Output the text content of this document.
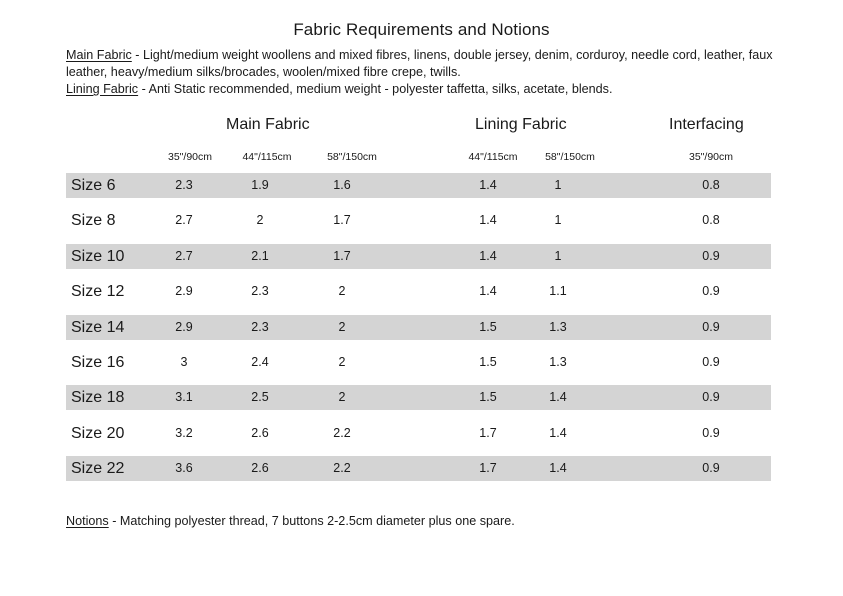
Fabric Requirements and Notions

Main Fabric - Light/medium weight woollens and mixed fibres, linens, double jersey, denim, corduroy, needle cord, leather, faux leather, heavy/medium silks/brocades, woolen/mixed fibre crepe, twills.

Lining Fabric - Anti Static recommended, medium weight - polyester taffetta, silks, acetate, blends.

Main Fabric	Lining Fabric	Interfacing
35"/90cm	44"/115cm	58"/150cm	44"/115cm	58"/150cm	35"/90cm
Size 6	2.3	1.9	1.6	1.4	1	0.8
Size 8	2.7	2	1.7	1.4	1	0.8
Size 10	2.7	2.1	1.7	1.4	1	0.9
Size 12	2.9	2.3	2	1.4	1.1	0.9
Size 14	2.9	2.3	2	1.5	1.3	0.9
Size 16	3	2.4	2	1.5	1.3	0.9
Size 18	3.1	2.5	2	1.5	1.4	0.9
Size 20	3.2	2.6	2.2	1.7	1.4	0.9
Size 22	3.6	2.6	2.2	1.7	1.4	0.9
Notions - Matching polyester thread, 7 buttons 2-2.5cm diameter plus one spare.
